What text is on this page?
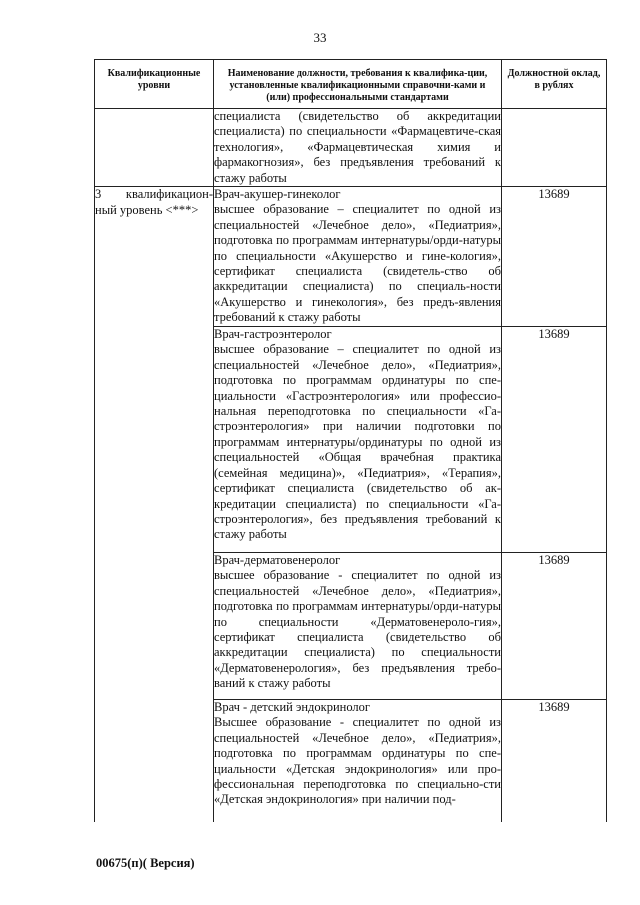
33
Квалификационные уровни	Наименование должности, требования к квалифика-ции, установленные квалификационными справочни-ками и (или) профессиональными стандартами	Должностной оклад, в рублях
	специалиста (свидетельство об аккредитации специалиста) по специальности «Фармацевтиче-ская технология», «Фармацевтическая химия и фармакогнозия», без предъявления требований к стажу работы	
3 квалификацион-ный уровень <***>	Врач-акушер-гинеколог
высшее образование – специалитет по одной из специальностей «Лечебное дело», «Педиатрия», подготовка по программам интернатуры/орди-натуры по специальности «Акушерство и гине-кология», сертификат специалиста (свидетель-ство об аккредитации специалиста) по специаль-ности «Акушерство и гинекология», без предъ-явления требований к стажу работы	13689

	Врач-гастроэнтеролог
высшее образование – специалитет по одной из специальностей «Лечебное дело», «Педиатрия», подготовка по программам ординатуры по спе-циальности «Гастроэнтерология» или профессио-нальная переподготовка по специальности «Га-строэнтерология» при наличии подготовки по программам интернатуры/ординатуры по одной из специальностей «Общая врачебная практика (семейная медицина)», «Педиатрия», «Терапия», сертификат специалиста (свидетельство об ак-кредитации специалиста) по специальности «Га-строэнтерология», без предъявления требований к стажу работы	13689

	Врач-дерматовенеролог
высшее образование - специалитет по одной из специальностей «Лечебное дело», «Педиатрия», подготовка по программам интернатуры/орди-натуры по специальности «Дерматовенероло-гия», сертификат специалиста (свидетельство об аккредитации специалиста) по специальности «Дерматовенерология», без предъявления требо-ваний к стажу работы	13689

	Врач - детский эндокринолог
Высшее образование - специалитет по одной из специальностей «Лечебное дело», «Педиатрия», подготовка по программам ординатуры по спе-циальности «Детская эндокринология» или про-фессиональная переподготовка по специально-сти «Детская эндокринология» при наличии под-	13689
00675(п)( Версия)
